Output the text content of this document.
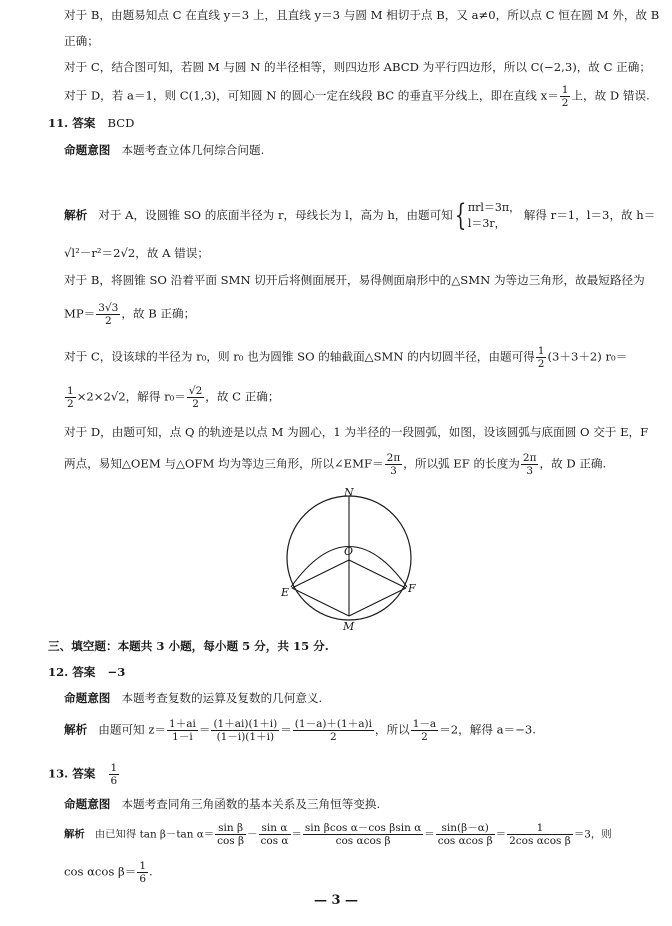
对于 B，由题易知点 C 在直线 y＝3 上，且直线 y＝3 与圆 M 相切于点 B，又 a≠0，所以点 C 恒在圆 M 外，故 B
正确；
对于 C，结合图可知，若圆 M 与圆 N 的半径相等，则四边形 ABCD 为平行四边形，所以 C(−2,3)，故 C 正确；
对于 D，若 a＝1，则 C(1,3)，可知圆 N 的圆心一定在线段 BC 的垂直平分线上，即在直线 $x= \frac{1}{2}$ 上，故 D 错误.
11. 答案 BCD
命题意图 本题考查立体几何综合问题.
解析 对于 A，设圆锥 SO 的底面半径为 r，母线长为 l，高为 h，由题可知{ πrl＝3π，
l＝3r， 解得 r＝1，l＝3，故 h＝
√l²－r²＝2√2，故 A 错误；
对于 B，将圆锥 SO 沿着平面 SMN 切开后将侧面展开，易得侧面扇形中的△SMN 为等边三角形，故最短路径为
$MP= \frac{3√3}{2}$ ，故 B 正确；
对于 C，设该球的半径为 r₀，则 r₀ 也为圆锥 SO 的轴截面△SMN 的内切圆半径，由题可得 $\frac{1}{2} (3+3+2)$ r₀＝
$\frac{1}{2} \times 2\times 2√2$，解得 $r_0= \frac{√2}{2}$ ，故 C 正确；
对于 D，由题可知，点 Q 的轨迹是以点 M 为圆心，1 为半径的一段圆弧，如图，设该圆弧与底面圆 O 交于 E，F
两点，易知△OEM 与△OFM 均为等边三角形，所以∠EMF＝ $\frac{2\pi}{3}$ ，所以弧 EF 的长度为 $\frac{2\pi}{3}$ ，故 D 正确.
N
O
E	F
M
三、填空题：本题共 3 小题，每小题 5 分，共 15 分.
12. 答案 −3
命题意图 本题考查复数的运算及复数的几何意义.
解析 由题可知 $z= \frac{1+ai}{1-i} = \frac{(1+ai)(1+i)}{(1-i)(1+i)} = \frac{(1-a)+(1+a)i}{2}$ ，所以 $\frac{1-a}{2} =2$，解得 a＝−3.
13. 答案 $\frac{1}{6}$
命题意图 本题考查同角三角函数的基本关系及三角恒等变换.
解析 由已知得 tan β－tan $\alpha= \frac{\text{sin β}}{\text{cos β}} - \frac{\text{sin α}}{\text{cos α}} = \frac{\text{sin βcos α－cos βsin α}}{\text{cos αcos β}} = \frac{\sin(\beta-\alpha)}{\text{cos αcos β}} = \frac{1}{\text{2cos αcos β}} =3$，则
cos αcos $\beta= \frac{1}{6}$ .
— 3 —
